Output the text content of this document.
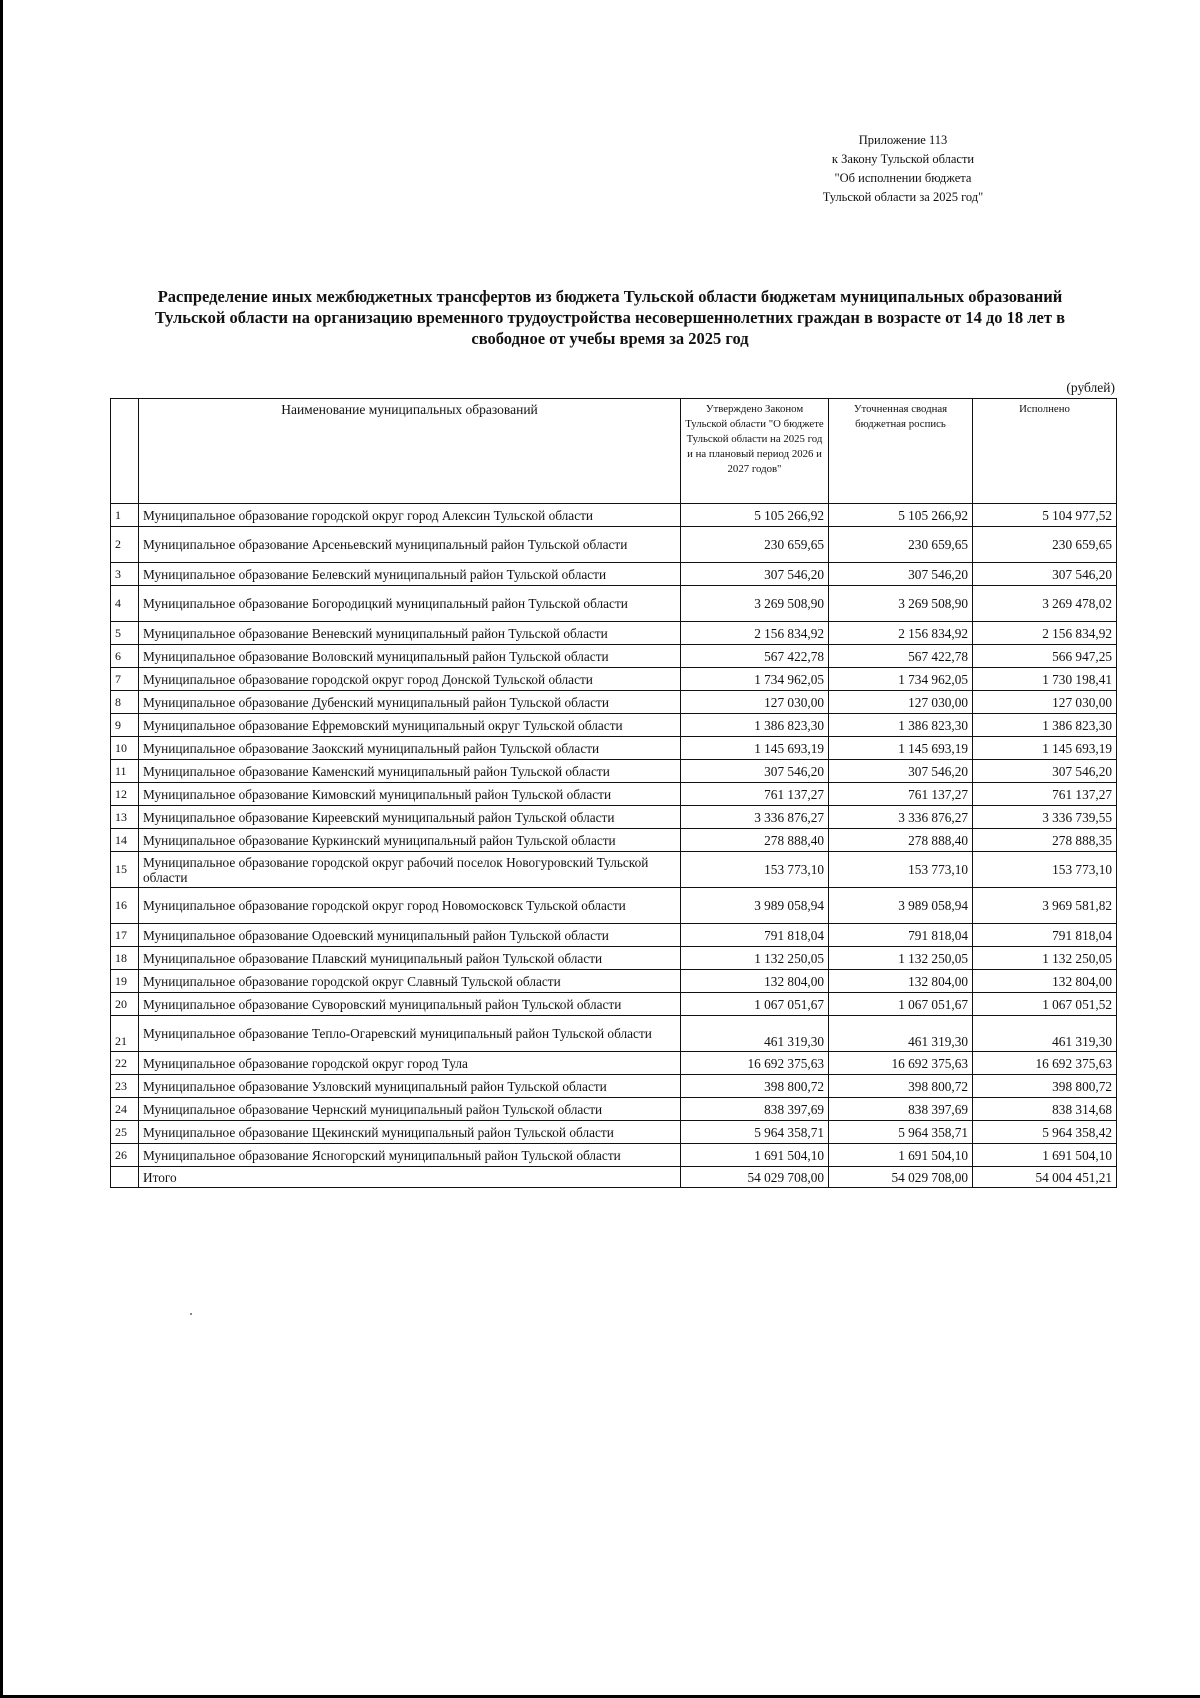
Приложение 113
к Закону Тульской области
"Об исполнении бюджета
Тульской области за 2025 год"
Распределение иных межбюджетных трансфертов из бюджета Тульской области бюджетам муниципальных образований
Тульской области на организацию временного трудоустройства несовершеннолетних граждан в возрасте от 14 до 18 лет в
свободное от учебы время за 2025 год
(рублей)
	Наименование муниципальных образований	Утверждено Законом Тульской области "О бюджете Тульской области на 2025 год и на плановый период 2026 и 2027 годов"	Уточненная сводная бюджетная роспись	Исполнено
1	Муниципальное образование городской округ город Алексин Тульской области	5 105 266,92	5 105 266,92	5 104 977,52
2	Муниципальное образование Арсеньевский муниципальный район Тульской области	230 659,65	230 659,65	230 659,65
3	Муниципальное образование Белевский муниципальный район Тульской области	307 546,20	307 546,20	307 546,20
4	Муниципальное образование Богородицкий муниципальный район Тульской области	3 269 508,90	3 269 508,90	3 269 478,02
5	Муниципальное образование Веневский муниципальный район Тульской области	2 156 834,92	2 156 834,92	2 156 834,92
6	Муниципальное образование Воловский муниципальный район Тульской области	567 422,78	567 422,78	566 947,25
7	Муниципальное образование городской округ город Донской Тульской области	1 734 962,05	1 734 962,05	1 730 198,41
8	Муниципальное образование Дубенский муниципальный район Тульской области	127 030,00	127 030,00	127 030,00
9	Муниципальное образование Ефремовский муниципальный округ Тульской области	1 386 823,30	1 386 823,30	1 386 823,30
10	Муниципальное образование Заокский муниципальный район Тульской области	1 145 693,19	1 145 693,19	1 145 693,19
11	Муниципальное образование Каменский муниципальный район Тульской области	307 546,20	307 546,20	307 546,20
12	Муниципальное образование Кимовский муниципальный район Тульской области	761 137,27	761 137,27	761 137,27
13	Муниципальное образование Киреевский муниципальный район Тульской области	3 336 876,27	3 336 876,27	3 336 739,55
14	Муниципальное образование Куркинский муниципальный район Тульской области	278 888,40	278 888,40	278 888,35
15	Муниципальное образование городской округ рабочий поселок Новогуровский Тульской области	153 773,10	153 773,10	153 773,10
16	Муниципальное образование городской округ город Новомосковск Тульской области	3 989 058,94	3 989 058,94	3 969 581,82
17	Муниципальное образование Одоевский муниципальный район Тульской области	791 818,04	791 818,04	791 818,04
18	Муниципальное образование Плавский муниципальный район Тульской области	1 132 250,05	1 132 250,05	1 132 250,05
19	Муниципальное образование городской округ Славный Тульской области	132 804,00	132 804,00	132 804,00
20	Муниципальное образование Суворовский муниципальный район Тульской области	1 067 051,67	1 067 051,67	1 067 051,52
21	Муниципальное образование Тепло-Огаревский муниципальный район Тульской области	461 319,30	461 319,30	461 319,30
22	Муниципальное образование городской округ город Тула	16 692 375,63	16 692 375,63	16 692 375,63
23	Муниципальное образование Узловский муниципальный район Тульской области	398 800,72	398 800,72	398 800,72
24	Муниципальное образование Чернский муниципальный район Тульской области	838 397,69	838 397,69	838 314,68
25	Муниципальное образование Щекинский муниципальный район Тульской области	5 964 358,71	5 964 358,71	5 964 358,42
26	Муниципальное образование Ясногорский муниципальный район Тульской области	1 691 504,10	1 691 504,10	1 691 504,10
	Итого	54 029 708,00	54 029 708,00	54 004 451,21
